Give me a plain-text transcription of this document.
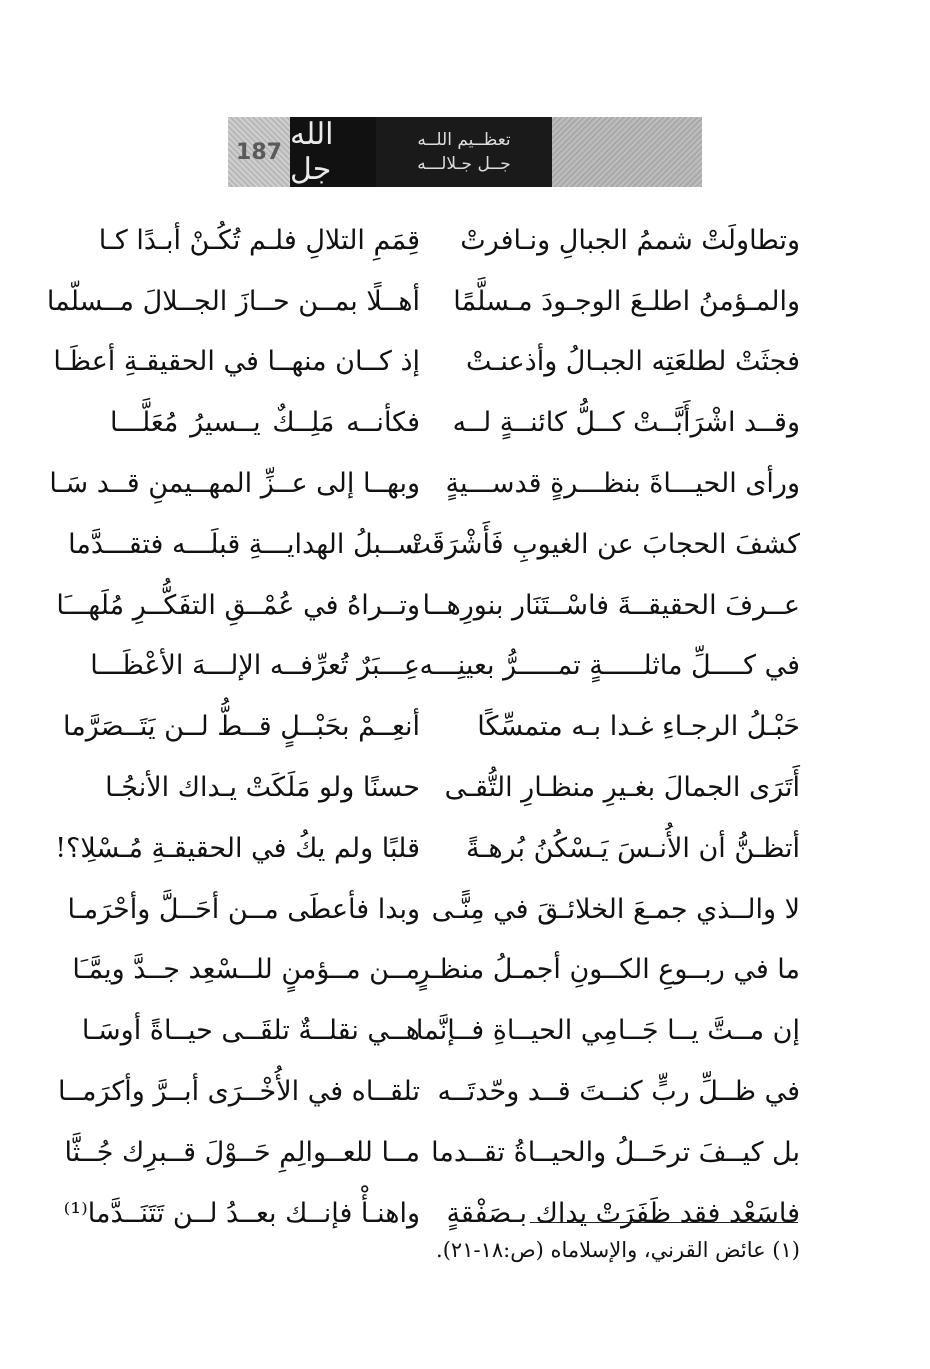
187 الله جل
تعظــيم اللــه
جــل جـلالـــه
وتطاولَتْ شممُ الجبالِ ونـافرتْ
قِمَمِ التلالِ فلـم تُكُـنْ أبـدًا كـا
والمـؤمنُ اطلـعَ الوجـودَ مـسلَّمًا
أهــلًا بمــن حــازَ الجــلالَ مــسلّما
فجثَتْ لطلعَتِه الجبـالُ وأذعنـتْ
إذ كــان منهــا في الحقيقـةِ أعظَـا
وقــد اشْرَأَبَّــتْ كــلُّ كائنــةٍ لــه
فكأنــه مَلِــكٌ يــسيرُ مُعَلَّـــا
ورأى الحيـــاةَ بنظـــرةٍ قدســـيةٍ
وبهــا إلى عــزِّ المهــيمنِ قــد سَـا
كشفَ الحجابَ عن الغيوبِ فَأَشْرَقَتْ
ســبلُ الهدايـــةِ قبلَـــه فتقـــدَّما
عــرفَ الحقيقــةَ فاسْــتَنَار بنورِهــا
وتــراهُ في عُمْــقِ التفَكُّــرِ مُلَهـــَا
في كــــلِّ ماثلـــــةٍ تمـــــرُّ بعينِـــه
عِـــبَرٌ تُعرِّفــه الإلـــهَ الأعْظَـــا
حَبْـلُ الرجـاءِ غـدا بـه متمسِّكًا
أنعِــمْ بحَبْــلٍ قــطُّ لــن يَتَــصَرَّما
أَتَرَى الجمالَ بغـيرِ منظـارِ التُّقـى
حسنًا ولو مَلَكَتْ يـداك الأنجُـا
أتظـنُّ أن الأُنـسَ يَـسْكُنُ بُرهـةً
قلبًا ولم يكُ في الحقيقـةِ مُـسْلِا؟!
لا والــذي جمـعَ الخلائـقَ في مِنًّـى
وبدا فأعطَى مــن أحَــلَّ وأحْرَمـا
ما في ربــوعِ الكــونِ أجمـلُ منظـرٍ
مــن مــؤمنٍ للــسْعِد جــدَّ ويمَّـَا
إن مــتَّ يــا جَــامِي الحيــاةِ فــإنَّما
هــي نقلــةٌ تلقَــى حيــاةً أوسَـا
في ظــلِّ ربٍّ كنــتَ قــد وحّدتَــه
تلقــاه في الأُخْــرَى أبــرَّ وأكرَمــا
بل كيــفَ ترحَــلُ والحيــاةُ تقــدما
مــا للعــوالِمِ حَــوْلَ قــبرِك جُــثَّا
فاسَعْد فقد ظَفَرَتْ يداك بـصَفْقةٍ
واهنـأْ فإنــك بعــدُ لــن تَتَنَــدَّما⁽¹⁾
(١) عائض القرني، والإسلاماه (ص:١٨-٢١).
